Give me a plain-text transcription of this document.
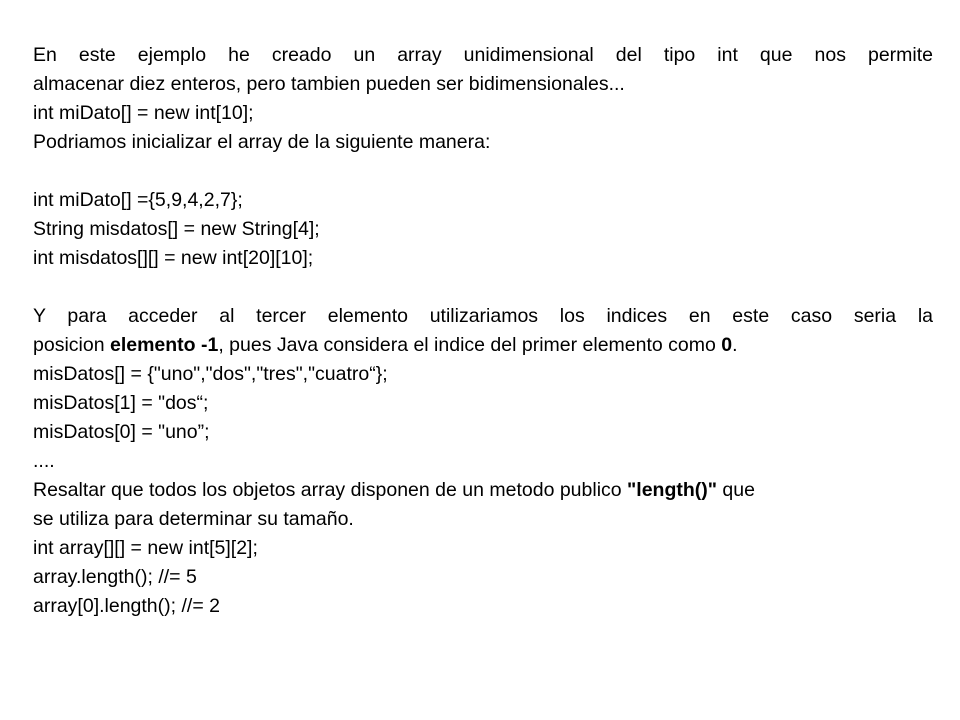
En este ejemplo he creado un array unidimensional del tipo int que nos permite
almacenar diez enteros, pero tambien pueden ser bidimensionales...
int miDato[] = new int[10];
Podriamos inicializar el array de la siguiente manera:
int miDato[] ={5,9,4,2,7};
String misdatos[] = new String[4];
int misdatos[][] = new int[20][10];
Y para acceder al tercer elemento utilizariamos los indices en este caso seria la
posicion elemento -1, pues Java considera el indice del primer elemento como 0.
misDatos[] = {"uno","dos","tres","cuatro“};
misDatos[1] = "dos“;
misDatos[0] = "uno”;
....
Resaltar que todos los objetos array disponen de un metodo publico "length()" que
se utiliza para determinar su tamaño.
int array[][] = new int[5][2];
array.length(); //= 5
array[0].length(); //= 2
